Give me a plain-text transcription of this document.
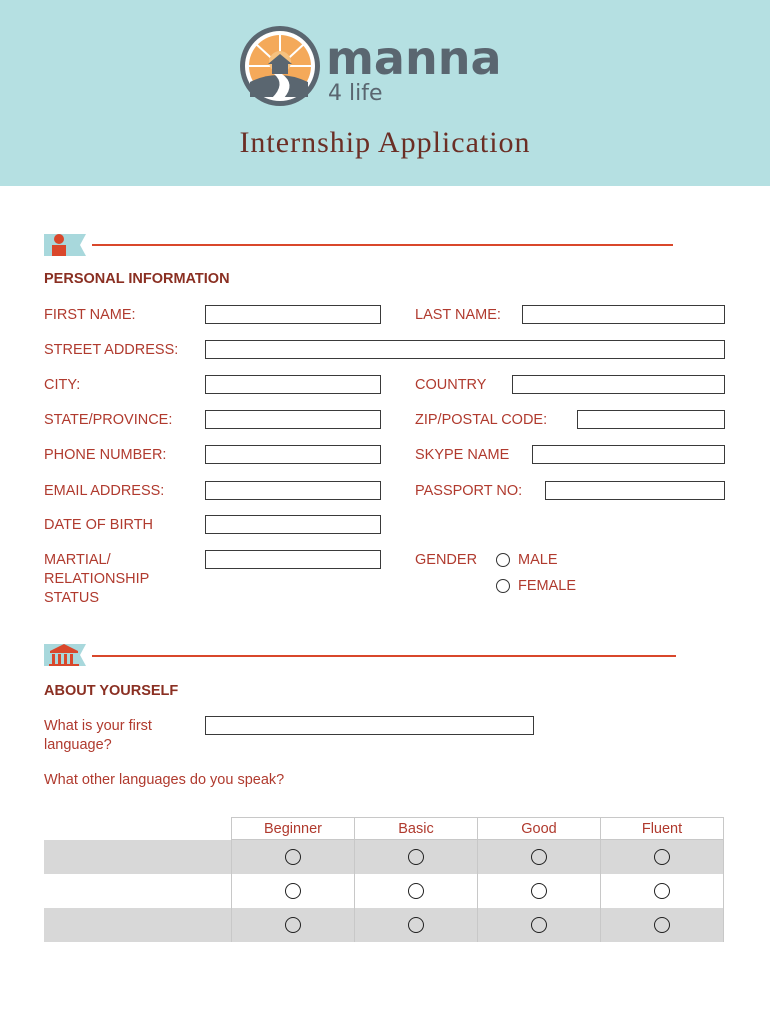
manna
4 life
Internship Application
PERSONAL INFORMATION
FIRST NAME:	LAST NAME:
STREET ADDRESS:
CITY:	COUNTRY
STATE/PROVINCE:	ZIP/POSTAL CODE:
PHONE NUMBER:	SKYPE NAME
EMAIL ADDRESS:	PASSPORT NO:
DATE OF BIRTH
MARTIAL/
RELATIONSHIP
STATUS
GENDER	MALE
FEMALE
ABOUT YOURSELF
What is your first
language?
What other languages do you speak?
Beginner	Basic	Good	Fluent
